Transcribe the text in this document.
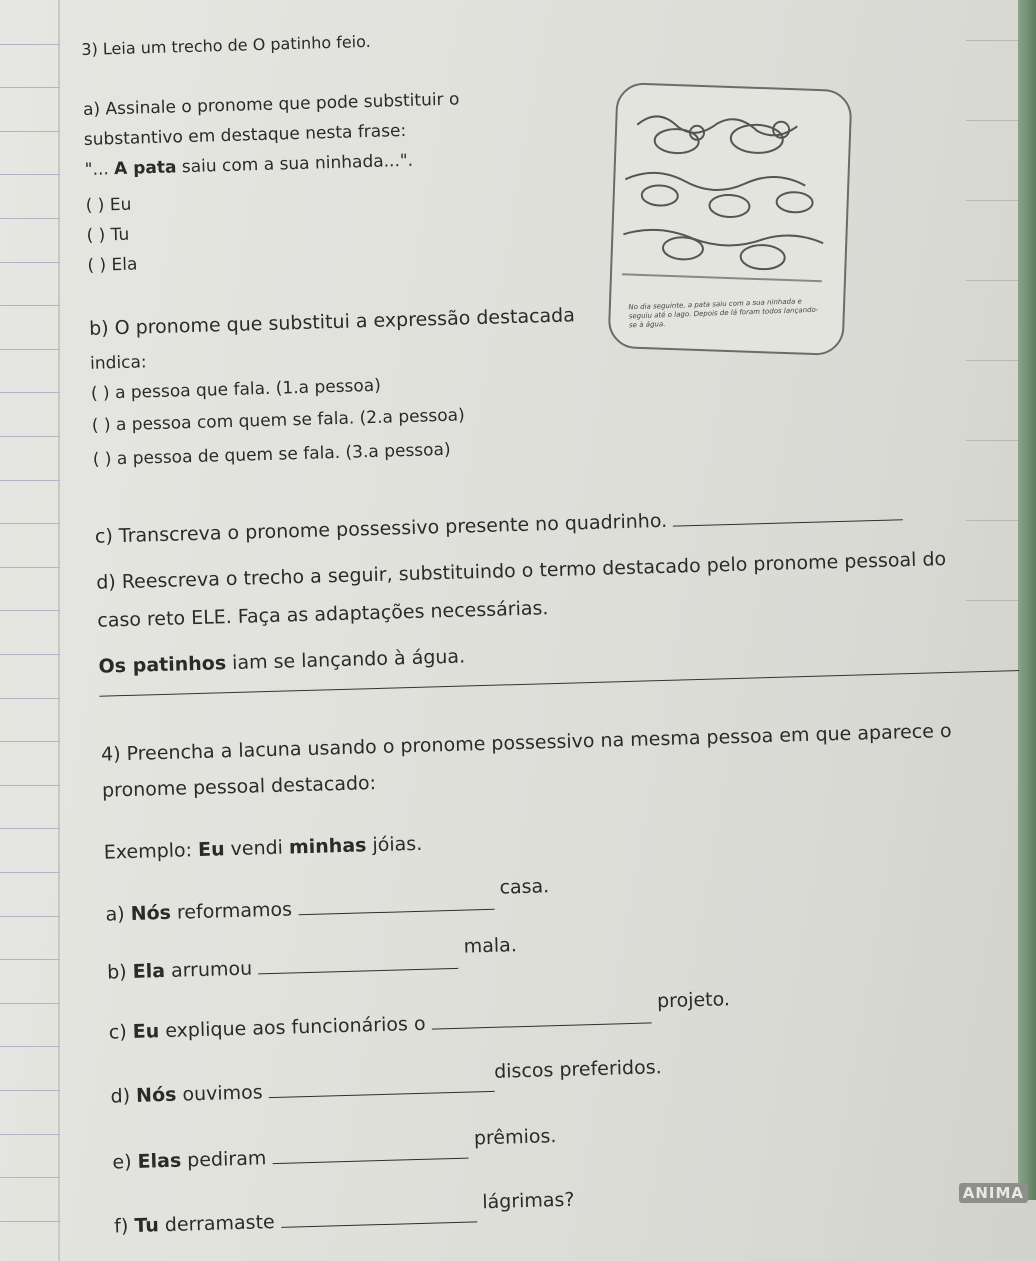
No dia seguinte, a pata saiu com a sua ninhada e seguiu até o lago. Depois de lá foram todos lançando-se à água.
3) Leia um trecho de O patinho feio.
a) Assinale o pronome que pode substituir o
substantivo em destaque nesta frase:
"... A pata saiu com a sua ninhada...".
( ) Eu
( ) Tu
( ) Ela
b) O pronome que substitui a expressão destacada
indica:
( ) a pessoa que fala. (1.a pessoa)
( ) a pessoa com quem se fala. (2.a pessoa)
( ) a pessoa de quem se fala. (3.a pessoa)
c) Transcreva o pronome possessivo presente no quadrinho.
d) Reescreva o trecho a seguir, substituindo o termo destacado pelo pronome pessoal do
caso reto ELE. Faça as adaptações necessárias.
Os patinhos iam se lançando à água.
4) Preencha a lacuna usando o pronome possessivo na mesma pessoa em que aparece o
pronome pessoal destacado:
Exemplo: Eu vendi minhas jóias.
a) Nós reformamos  casa.
b) Ela arrumou  mala.
c) Eu explique aos funcionários o  projeto.
d) Nós ouvimos discos preferidos.
e) Elas pediram  prêmios.
f) Tu derramaste  lágrimas?	ANIMA
